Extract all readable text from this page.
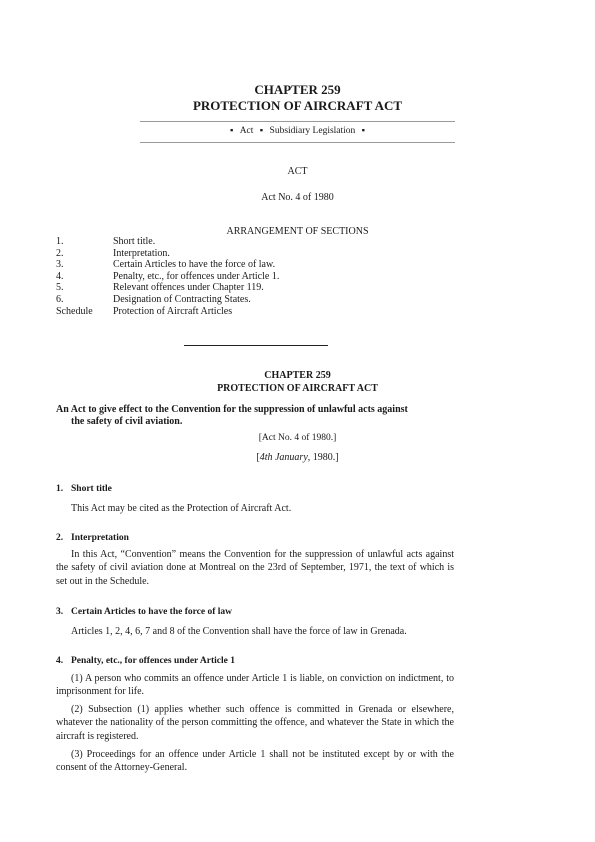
CHAPTER 259
PROTECTION OF AIRCRAFT ACT
▪ Act ▪ Subsidiary Legislation ▪
ACT
Act No. 4 of 1980
ARRANGEMENT OF SECTIONS
1.	Short title.
2.	Interpretation.
3.	Certain Articles to have the force of law.
4.	Penalty, etc., for offences under Article 1.
5.	Relevant offences under Chapter 119.
6.	Designation of Contracting States.
Schedule	Protection of Aircraft Articles
CHAPTER 259
PROTECTION OF AIRCRAFT ACT
An Act to give effect to the Convention for the suppression of unlawful acts against
the safety of civil aviation.
[Act No. 4 of 1980.]
[4th January, 1980.]
1. Short title
This Act may be cited as the Protection of Aircraft Act.
2. Interpretation
In this Act, “Convention” means the Convention for the suppression of unlawful acts against the safety of civil aviation done at Montreal on the 23rd of September, 1971, the text of which is set out in the Schedule.
3. Certain Articles to have the force of law
Articles 1, 2, 4, 6, 7 and 8 of the Convention shall have the force of law in Grenada.
4. Penalty, etc., for offences under Article 1
(1) A person who commits an offence under Article 1 is liable, on conviction on indictment, to imprisonment for life.
(2) Subsection (1) applies whether such offence is committed in Grenada or elsewhere, whatever the nationality of the person committing the offence, and whatever the State in which the aircraft is registered.
(3) Proceedings for an offence under Article 1 shall not be instituted except by or with the consent of the Attorney-General.
